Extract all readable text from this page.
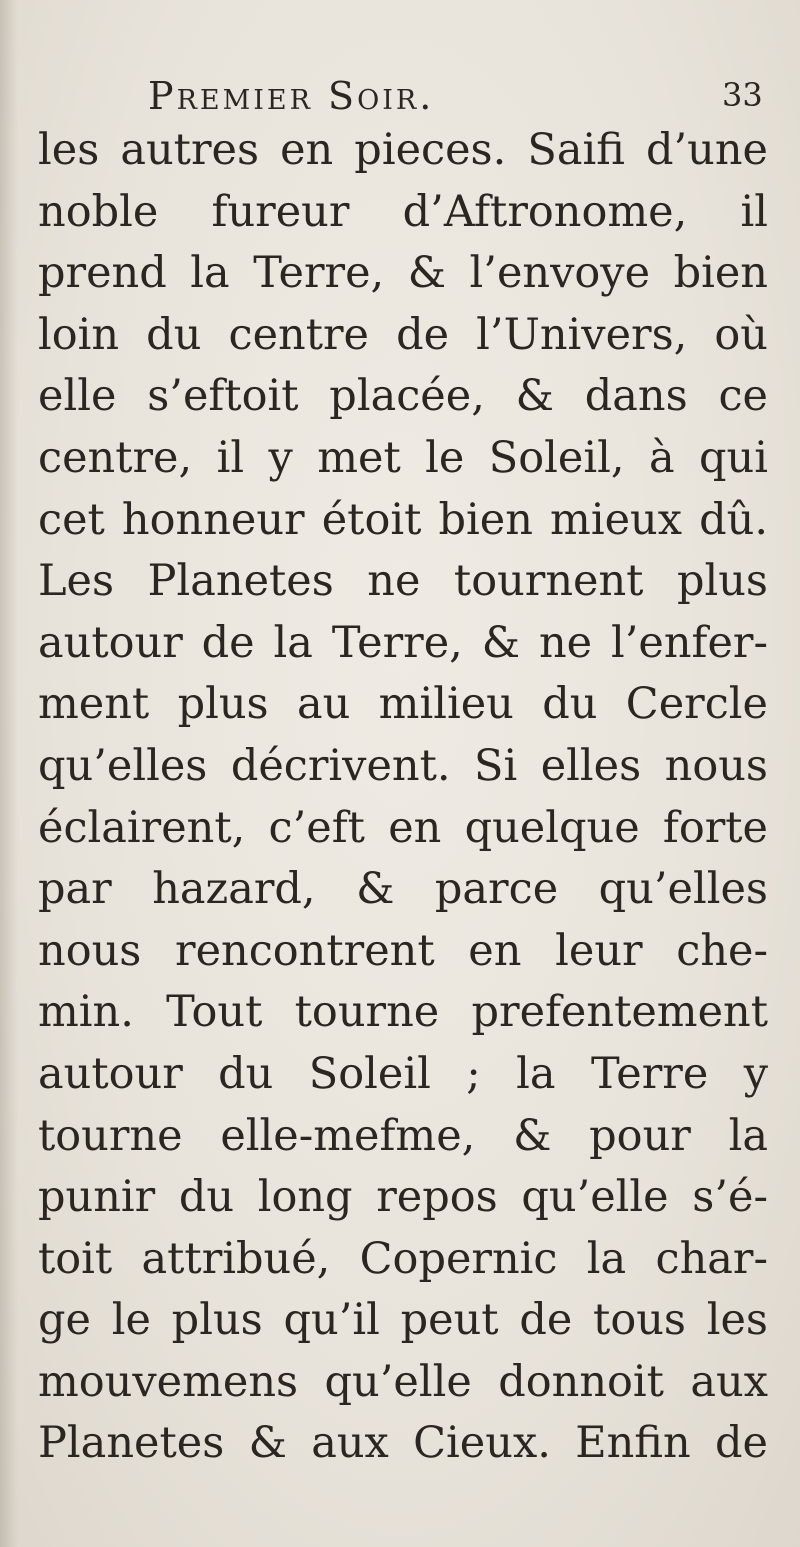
Premier Soir.	33
les autres en pieces. Saifi d’une
noble fureur d’Aftronome, il
prend la Terre, & l’envoye bien
loin du centre de l’Univers, où
elle s’eftoit placée, & dans ce
centre, il y met le Soleil, à qui
cet honneur étoit bien mieux dû.
Les Planetes ne tournent plus
autour de la Terre, & ne l’enfer-
ment plus au milieu du Cercle
qu’elles décrivent. Si elles nous
éclairent, c’eft en quelque forte
par hazard, & parce qu’elles
nous rencontrent en leur che-
min. Tout tourne prefentement
autour du Soleil ; la Terre y
tourne elle-mefme, & pour la
punir du long repos qu’elle s’é-
toit attribué, Copernic la char-
ge le plus qu’il peut de tous les
mouvemens qu’elle donnoit aux
Planetes & aux Cieux. Enfin de
